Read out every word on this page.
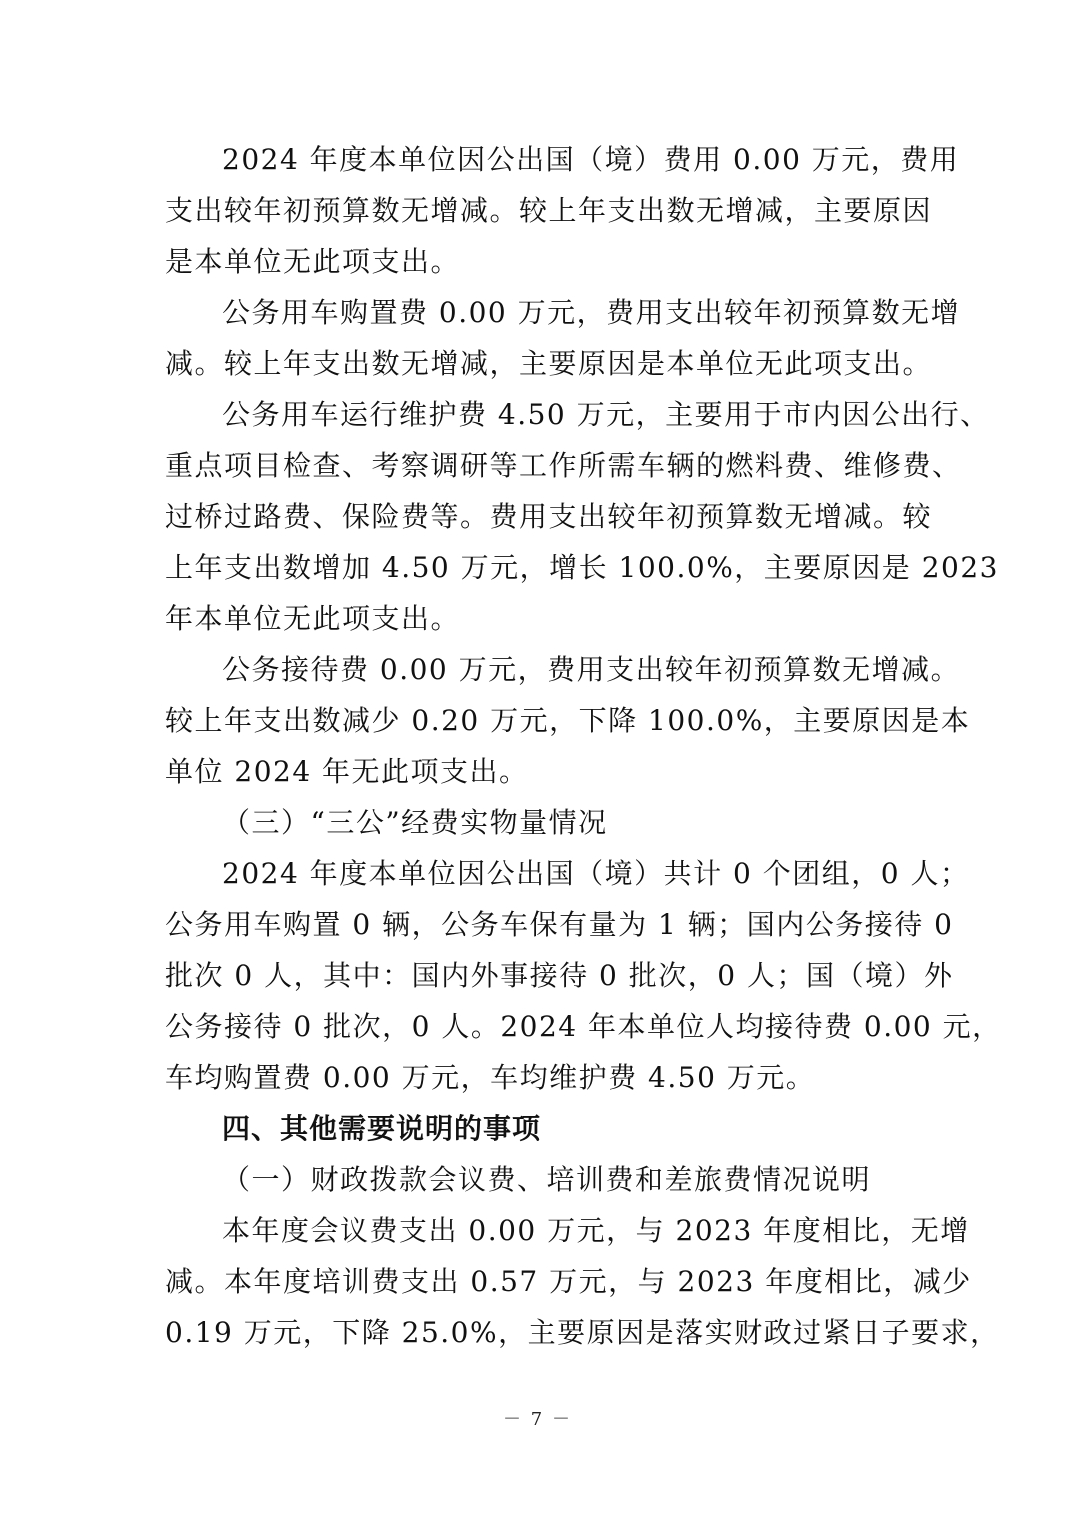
2024 年度本单位因公出国（境）费用 0.00 万元，费用
支出较年初预算数无增减。较上年支出数无增减，主要原因
是本单位无此项支出。
公务用车购置费 0.00 万元，费用支出较年初预算数无增
减。较上年支出数无增减，主要原因是本单位无此项支出。
公务用车运行维护费 4.50 万元，主要用于市内因公出行、
重点项目检查、考察调研等工作所需车辆的燃料费、维修费、
过桥过路费、保险费等。费用支出较年初预算数无增减。较
上年支出数增加 4.50 万元，增长 100.0%，主要原因是 2023
年本单位无此项支出。
公务接待费 0.00 万元，费用支出较年初预算数无增减。
较上年支出数减少 0.20 万元，下降 100.0%，主要原因是本
单位 2024 年无此项支出。
（三）“三公”经费实物量情况
2024 年度本单位因公出国（境）共计 0 个团组，0 人；
公务用车购置 0 辆，公务车保有量为 1 辆；国内公务接待 0
批次 0 人，其中：国内外事接待 0 批次，0 人；国（境）外
公务接待 0 批次，0 人。2024 年本单位人均接待费 0.00 元，
车均购置费 0.00 万元，车均维护费 4.50 万元。
四、其他需要说明的事项
（一）财政拨款会议费、培训费和差旅费情况说明
本年度会议费支出 0.00 万元，与 2023 年度相比，无增
减。本年度培训费支出 0.57 万元，与 2023 年度相比，减少
0.19 万元，下降 25.0%，主要原因是落实财政过紧日子要求，
－ 7 －
